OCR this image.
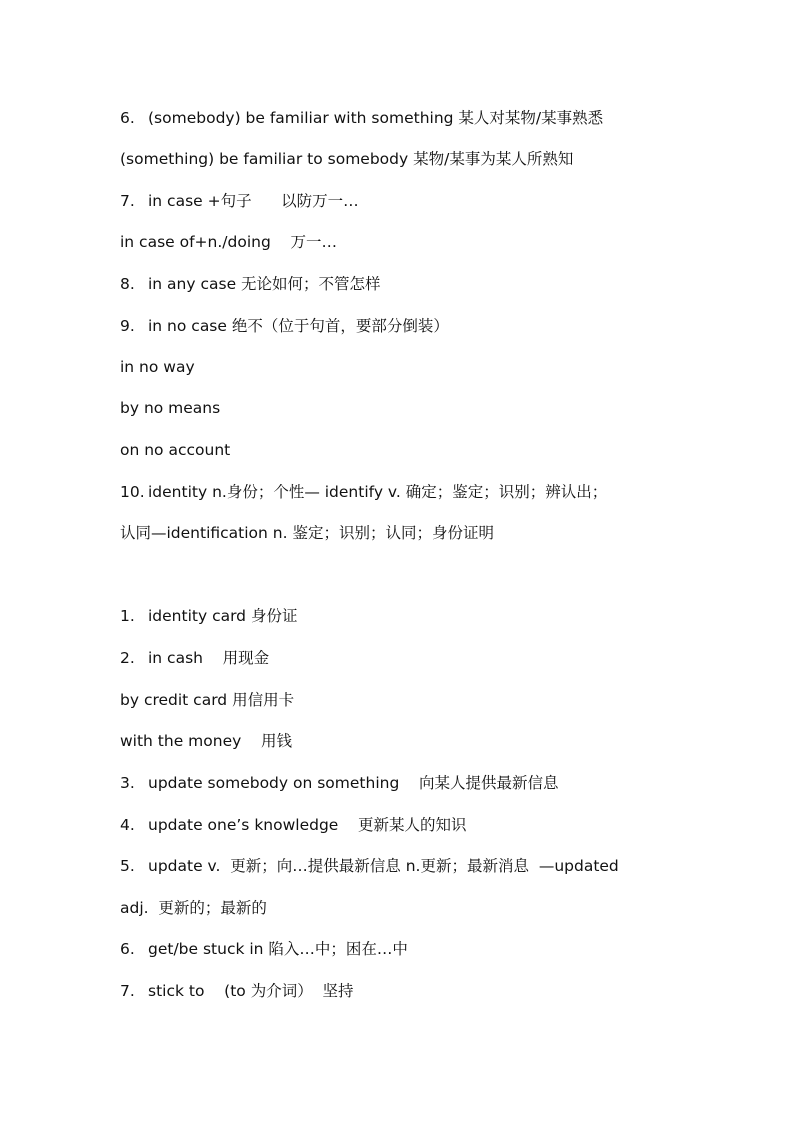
6. (somebody) be familiar with something 某人对某物/某事熟悉
(something) be familiar to somebody 某物/某事为某人所熟知
7. in case +句子      以防万一…
in case of+n./doing    万一…
8. in any case 无论如何；不管怎样
9. in no case 绝不（位于句首，要部分倒装）
in no way
by no means
on no account
10. identity n.身份；个性— identify v. 确定；鉴定；识别；辨认出；
认同—identification n. 鉴定；识别；认同；身份证明
1. identity card 身份证
2. in cash    用现金
by credit card 用信用卡
with the money    用钱
3. update somebody on something    向某人提供最新信息
4. update one’s knowledge    更新某人的知识
5. update v.  更新；向…提供最新信息 n.更新；最新消息  —updated
adj.  更新的；最新的
6. get/be stuck in 陷入…中；困在…中
7. stick to    (to 为介词）  坚持
